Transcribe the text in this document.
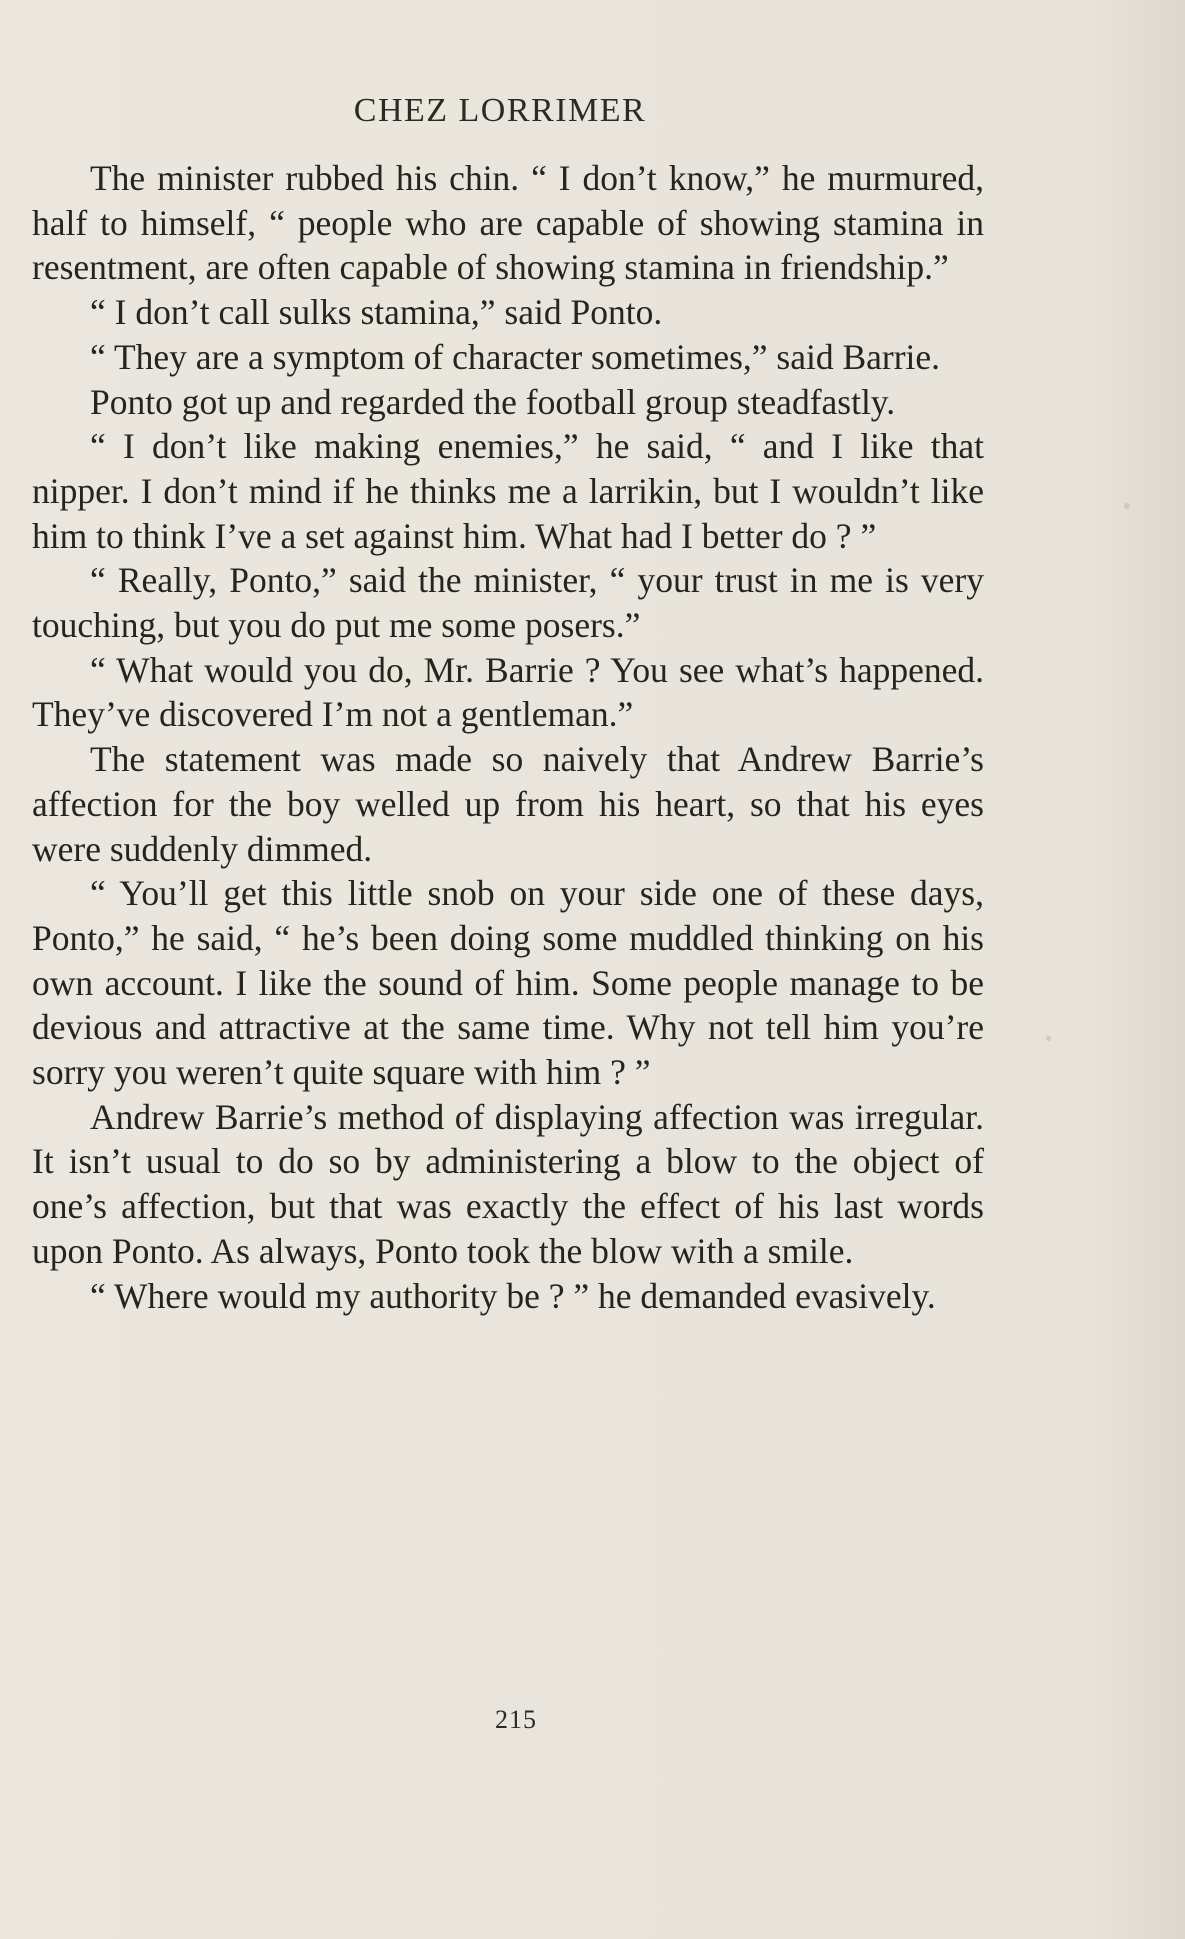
CHEZ LORRIMER

The minister rubbed his chin. “ I don’t know,” he murmured, half to himself, “ people who are capable of showing stamina in resentment, are often capable of showing stamina in friendship.”

“ I don’t call sulks stamina,” said Ponto.

“ They are a symptom of character sometimes,” said Barrie.

Ponto got up and regarded the football group steadfastly.

“ I don’t like making enemies,” he said, “ and I like that nipper. I don’t mind if he thinks me a larrikin, but I wouldn’t like him to think I’ve a set against him. What had I better do ? ”

“ Really, Ponto,” said the minister, “ your trust in me is very touching, but you do put me some posers.”

“ What would you do, Mr. Barrie ? You see what’s happened. They’ve discovered I’m not a gentleman.”

The statement was made so naively that Andrew Barrie’s affection for the boy welled up from his heart, so that his eyes were suddenly dimmed.

“ You’ll get this little snob on your side one of these days, Ponto,” he said, “ he’s been doing some muddled thinking on his own account. I like the sound of him. Some people manage to be devious and attractive at the same time. Why not tell him you’re sorry you weren’t quite square with him ? ”

Andrew Barrie’s method of displaying affection was irregular. It isn’t usual to do so by administering a blow to the object of one’s affection, but that was exactly the effect of his last words upon Ponto. As always, Ponto took the blow with a smile.

“ Where would my authority be ? ” he demanded evasively.

215
